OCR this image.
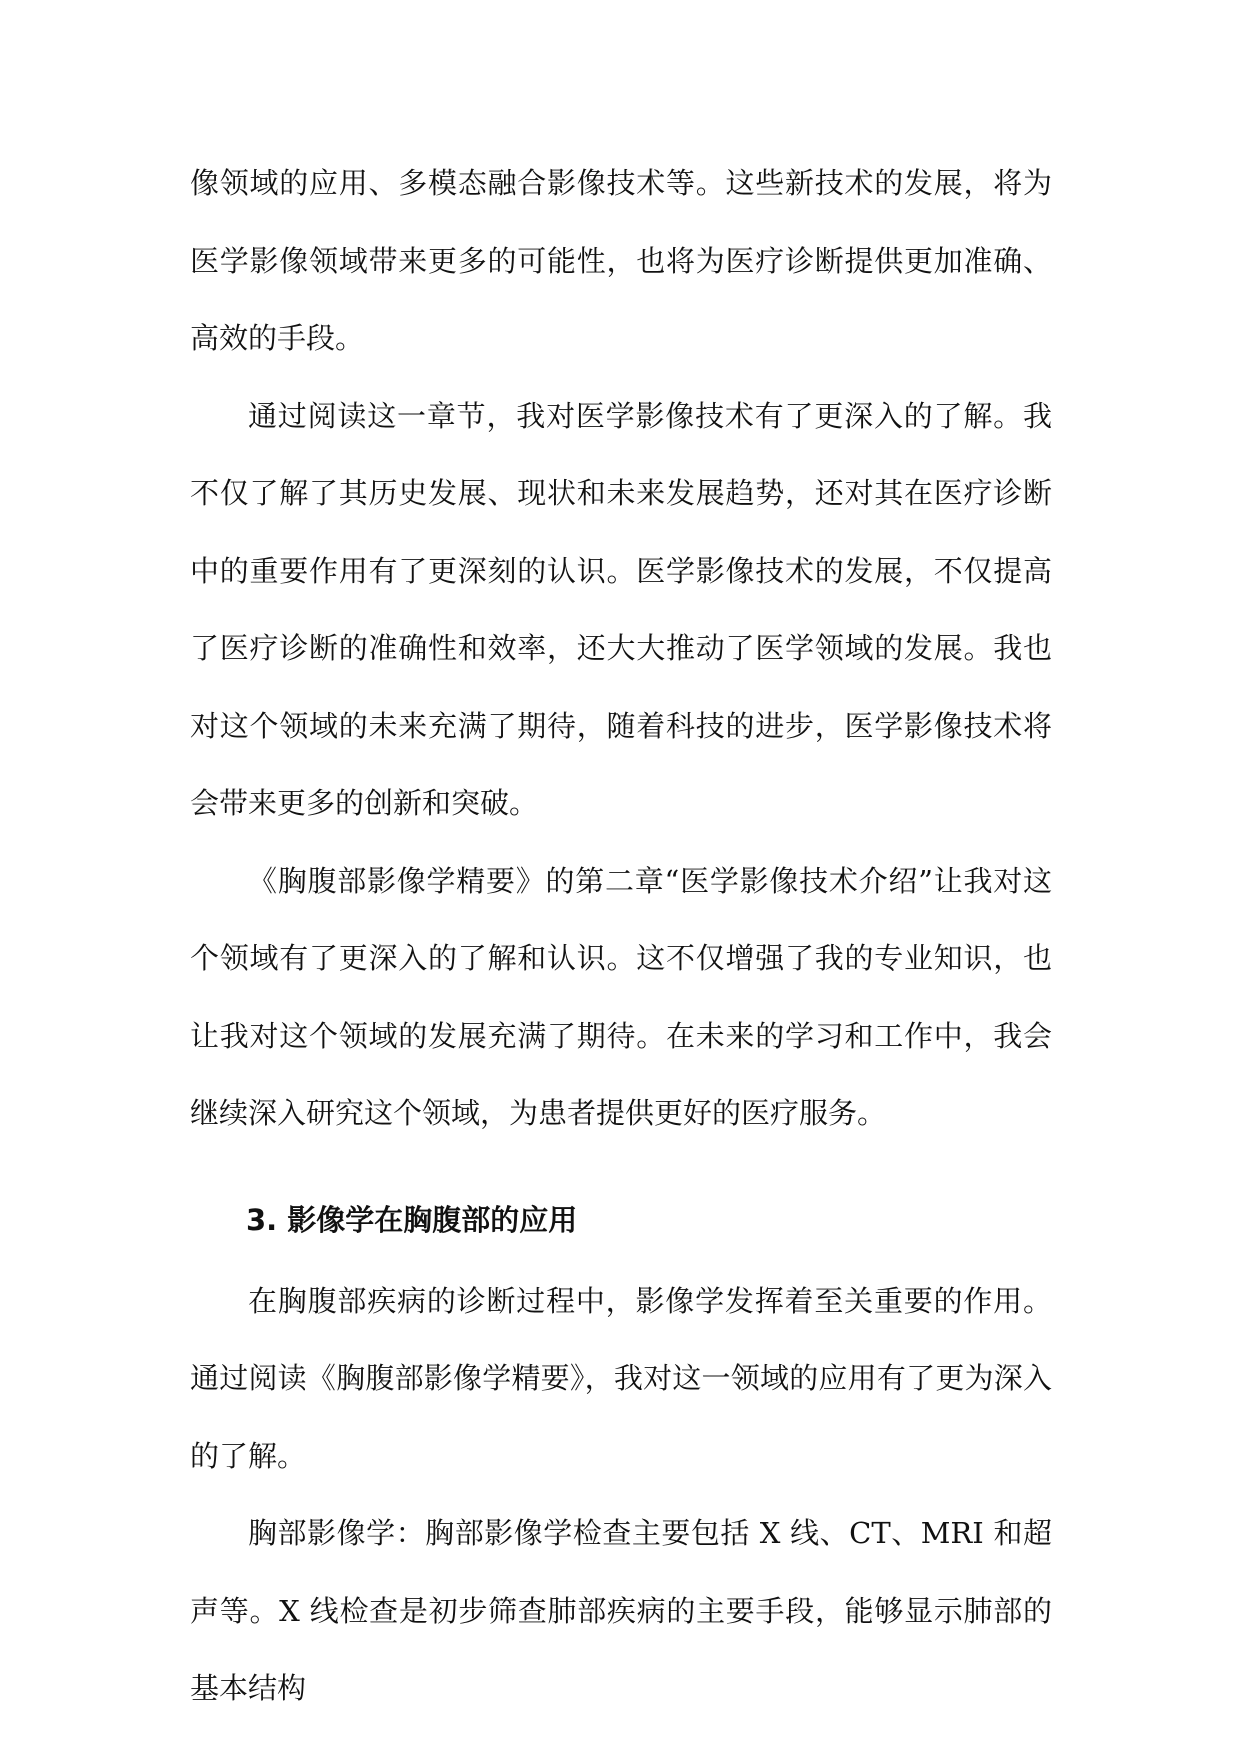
像领域的应用、多模态融合影像技术等。这些新技术的发展，将为医学影像领域带来更多的可能性，也将为医疗诊断提供更加准确、高效的手段。

通过阅读这一章节，我对医学影像技术有了更深入的了解。我不仅了解了其历史发展、现状和未来发展趋势，还对其在医疗诊断中的重要作用有了更深刻的认识。医学影像技术的发展，不仅提高了医疗诊断的准确性和效率，还大大推动了医学领域的发展。我也对这个领域的未来充满了期待，随着科技的进步，医学影像技术将会带来更多的创新和突破。

《胸腹部影像学精要》的第二章“医学影像技术介绍”让我对这个领域有了更深入的了解和认识。这不仅增强了我的专业知识，也让我对这个领域的发展充满了期待。在未来的学习和工作中，我会继续深入研究这个领域，为患者提供更好的医疗服务。

3. 影像学在胸腹部的应用

在胸腹部疾病的诊断过程中，影像学发挥着至关重要的作用。通过阅读《胸腹部影像学精要》，我对这一领域的应用有了更为深入的了解。

胸部影像学：胸部影像学检查主要包括 X 线、CT、MRI 和超声等。X 线检查是初步筛查肺部疾病的主要手段，能够显示肺部的基本结构
